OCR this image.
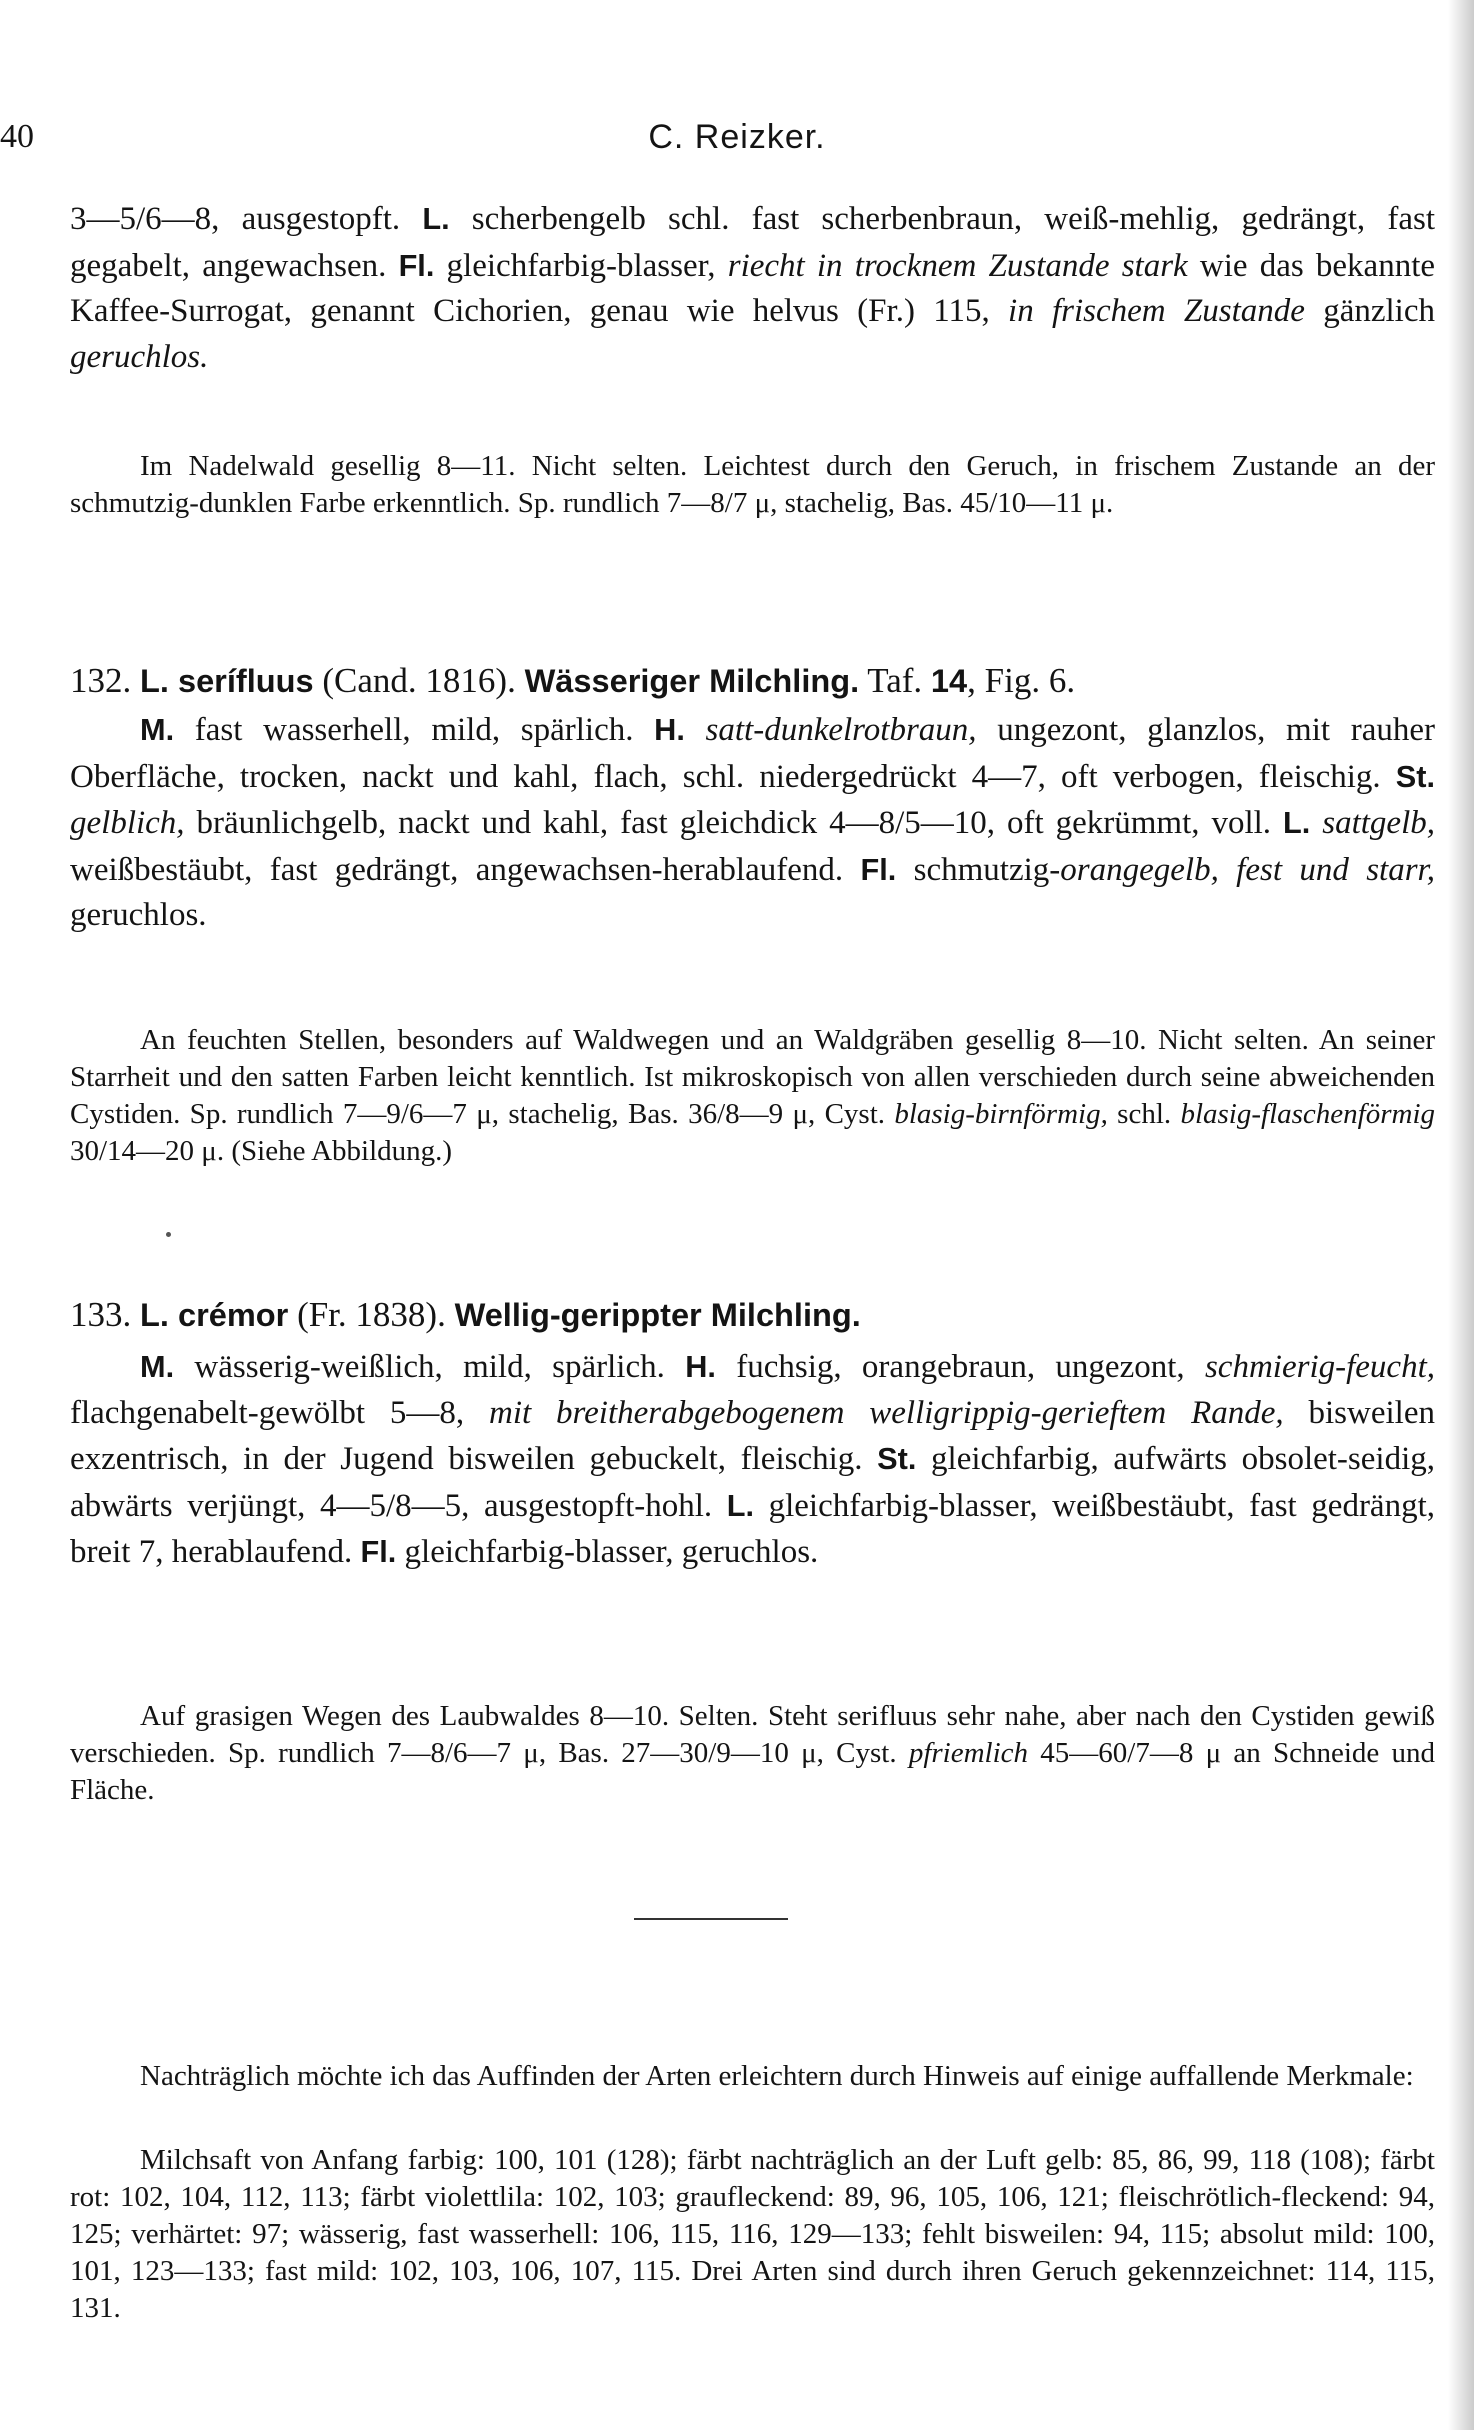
40	C. Reizker.

3—5/6—8, ausgestopft. L. scherbengelb schl. fast scherbenbraun, weiß-mehlig, gedrängt, fast gegabelt, angewachsen. Fl. gleichfarbig-blasser, riecht in trocknem Zustande stark wie das bekannte Kaffee-Surrogat, genannt Cichorien, genau wie helvus (Fr.) 115, in frischem Zustande gänzlich geruchlos.

Im Nadelwald gesellig 8—11. Nicht selten. Leichtest durch den Geruch, in frischem Zustande an der schmutzig-dunklen Farbe erkenntlich. Sp. rundlich 7—8/7 μ, stachelig, Bas. 45/10—11 μ.

132. L. serífluus (Cand. 1816). Wässeriger Milchling. Taf. 14, Fig. 6.

M. fast wasserhell, mild, spärlich. H. satt-dunkelrotbraun, ungezont, glanzlos, mit rauher Oberfläche, trocken, nackt und kahl, flach, schl. niedergedrückt 4—7, oft verbogen, fleischig. St. gelblich, bräunlichgelb, nackt und kahl, fast gleichdick 4—8/5—10, oft gekrümmt, voll. L. sattgelb, weißbestäubt, fast gedrängt, angewachsen-herablaufend. Fl. schmutzig-orangegelb, fest und starr, geruchlos.

An feuchten Stellen, besonders auf Waldwegen und an Waldgräben gesellig 8—10. Nicht selten. An seiner Starrheit und den satten Farben leicht kenntlich. Ist mikroskopisch von allen verschieden durch seine abweichenden Cystiden. Sp. rundlich 7—9/6—7 μ, stachelig, Bas. 36/8—9 μ, Cyst. blasig-birnförmig, schl. blasig-flaschenförmig 30/14—20 μ. (Siehe Abbildung.)

133. L. crémor (Fr. 1838). Wellig-gerippter Milchling.

M. wässerig-weißlich, mild, spärlich. H. fuchsig, orangebraun, ungezont, schmierig-feucht, flachgenabelt-gewölbt 5—8, mit breitherabgebogenem welligrippig-gerieftem Rande, bisweilen exzentrisch, in der Jugend bisweilen gebuckelt, fleischig. St. gleichfarbig, aufwärts obsolet-seidig, abwärts verjüngt, 4—5/8—5, ausgestopft-hohl. L. gleichfarbig-blasser, weißbestäubt, fast gedrängt, breit 7, herablaufend. Fl. gleichfarbig-blasser, geruchlos.

Auf grasigen Wegen des Laubwaldes 8—10. Selten. Steht serifluus sehr nahe, aber nach den Cystiden gewiß verschieden. Sp. rundlich 7—8/6—7 μ, Bas. 27—30/9—10 μ, Cyst. pfriemlich 45—60/7—8 μ an Schneide und Fläche.

Nachträglich möchte ich das Auffinden der Arten erleichtern durch Hinweis auf einige auffallende Merkmale:

Milchsaft von Anfang farbig: 100, 101 (128); färbt nachträglich an der Luft gelb: 85, 86, 99, 118 (108); färbt rot: 102, 104, 112, 113; färbt violettlila: 102, 103; graufleckend: 89, 96, 105, 106, 121; fleischrötlich-fleckend: 94, 125; verhärtet: 97; wässerig, fast wasserhell: 106, 115, 116, 129—133; fehlt bisweilen: 94, 115; absolut mild: 100, 101, 123—133; fast mild: 102, 103, 106, 107, 115. Drei Arten sind durch ihren Geruch gekennzeichnet: 114, 115, 131.
